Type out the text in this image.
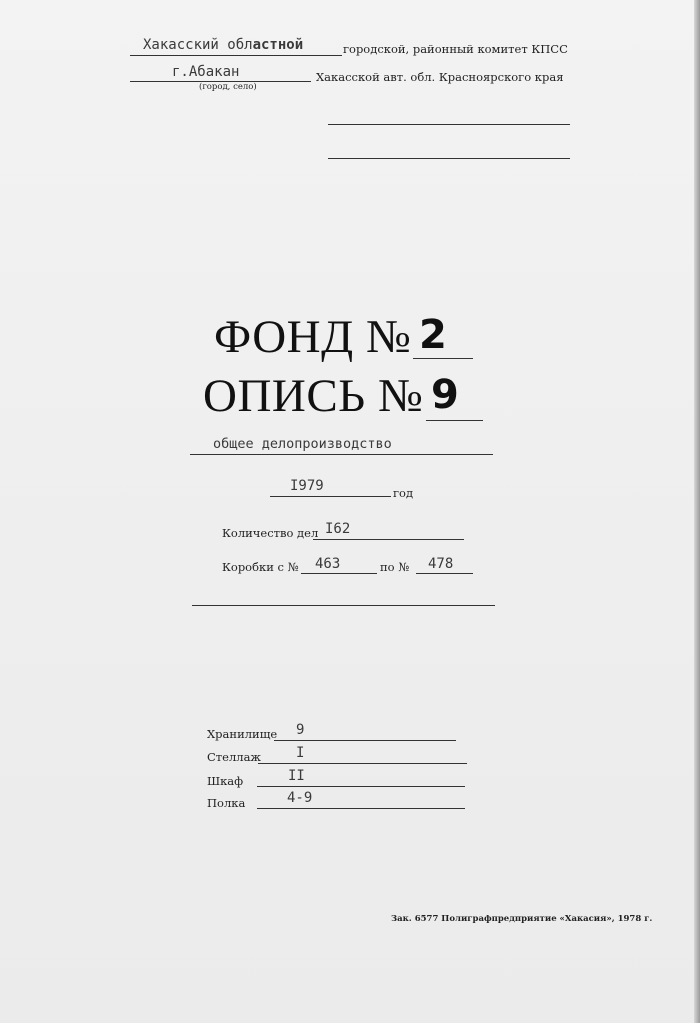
Хакасский областной	городской, районный комитет КПСС
г.Абакан
(город, село)
Хакасской авт. обл. Красноярского края
ФОНД № 2
ОПИСЬ № 9
общее делопроизводство
I979	год
Количество дел I62
Коробки с № 463	по № 478
Хранилище 9
Стеллаж I
Шкаф	II
Полка	4-9
Зак. 6577 Полиграфпредприятие «Хакасия», 1978 г.
